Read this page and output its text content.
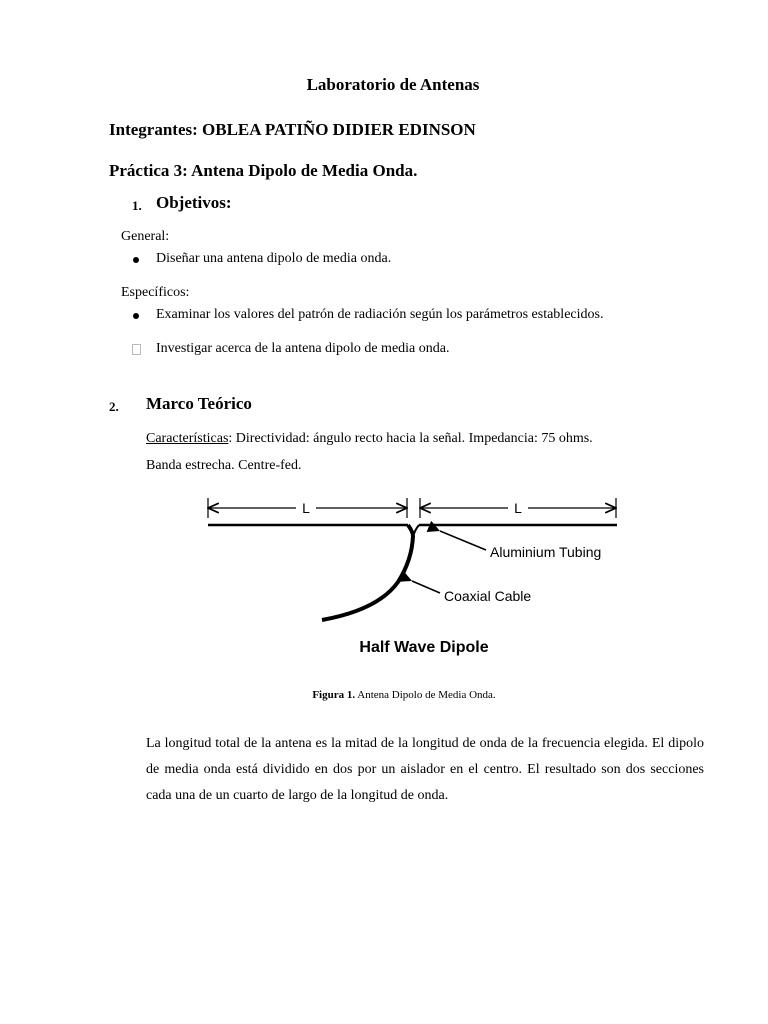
Laboratorio de Antenas
Integrantes: OBLEA PATIÑO DIDIER EDINSON
Práctica 3: Antena Dipolo de Media Onda.
1. Objetivos:
General:
Diseñar una antena dipolo de media onda.
Específicos:
Examinar los valores del patrón de radiación según los parámetros establecidos.
Investigar acerca de la antena dipolo de media onda.
2. Marco Teórico
Características: Directividad: ángulo recto hacia la señal. Impedancia: 75 ohms.
Banda estrecha. Centre-fed.
L	L
Aluminium Tubing
Coaxial Cable
Half Wave Dipole
Figura 1. Antena Dipolo de Media Onda.
La longitud total de la antena es la mitad de la longitud de onda de la frecuencia elegida. El dipolo de media onda está dividido en dos por un aislador en el centro. El resultado son dos secciones cada una de un cuarto de largo de la longitud de onda.
